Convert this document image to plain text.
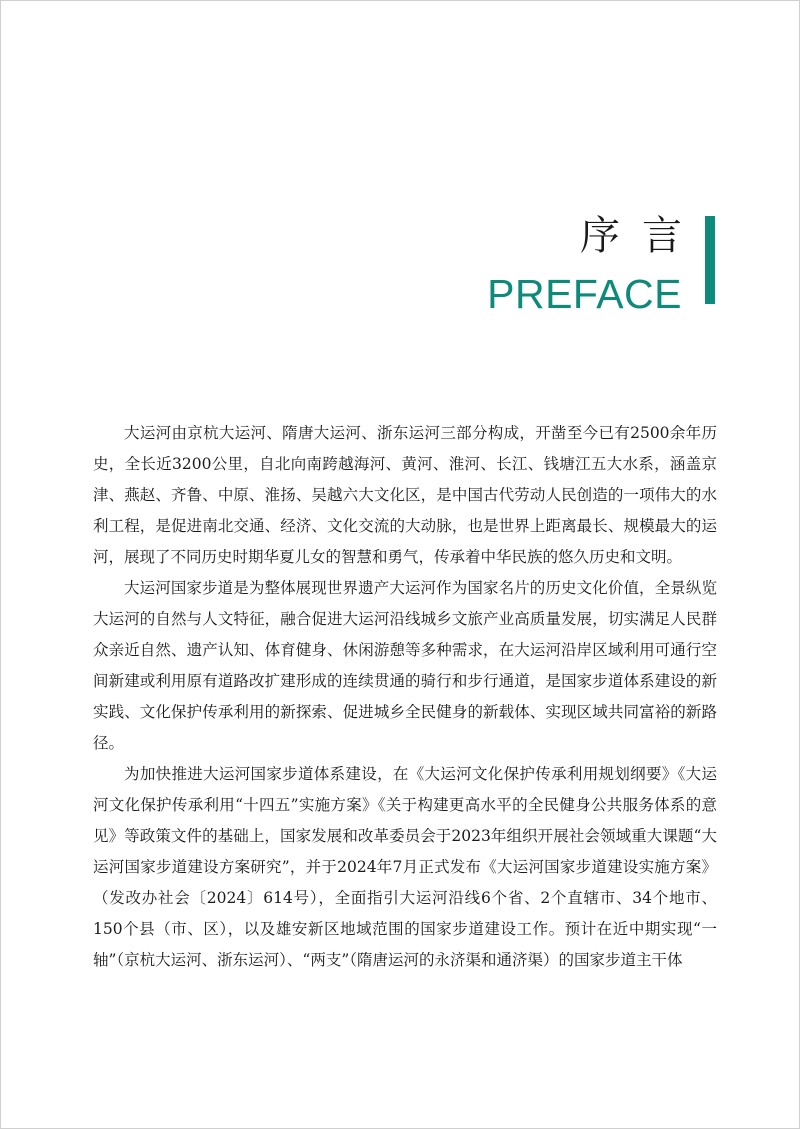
序言
PREFACE

大运河由京杭大运河、隋唐大运河、浙东运河三部分构成，开凿至今已有2500余年历史，全长近3200公里，自北向南跨越海河、黄河、淮河、长江、钱塘江五大水系，涵盖京津、燕赵、齐鲁、中原、淮扬、吴越六大文化区，是中国古代劳动人民创造的一项伟大的水利工程，是促进南北交通、经济、文化交流的大动脉，也是世界上距离最长、规模最大的运河，展现了不同历史时期华夏儿女的智慧和勇气，传承着中华民族的悠久历史和文明。

大运河国家步道是为整体展现世界遗产大运河作为国家名片的历史文化价值，全景纵览大运河的自然与人文特征，融合促进大运河沿线城乡文旅产业高质量发展，切实满足人民群众亲近自然、遗产认知、体育健身、休闲游憩等多种需求，在大运河沿岸区域利用可通行空间新建或利用原有道路改扩建形成的连续贯通的骑行和步行通道，是国家步道体系建设的新实践、文化保护传承利用的新探索、促进城乡全民健身的新载体、实现区域共同富裕的新路径。

为加快推进大运河国家步道体系建设，在《大运河文化保护传承利用规划纲要》《大运河文化保护传承利用“十四五”实施方案》《关于构建更高水平的全民健身公共服务体系的意见》等政策文件的基础上，国家发展和改革委员会于2023年组织开展社会领域重大课题“大运河国家步道建设方案研究”，并于2024年7月正式发布《大运河国家步道建设实施方案》（发改办社会〔2024〕614号），全面指引大运河沿线6个省、2个直辖市、34个地市、150个县（市、区），以及雄安新区地域范围的国家步道建设工作。预计在近中期实现“一轴”（京杭大运河、浙东运河）、“两支”（隋唐运河的永济渠和通济渠）的国家步道主干体
